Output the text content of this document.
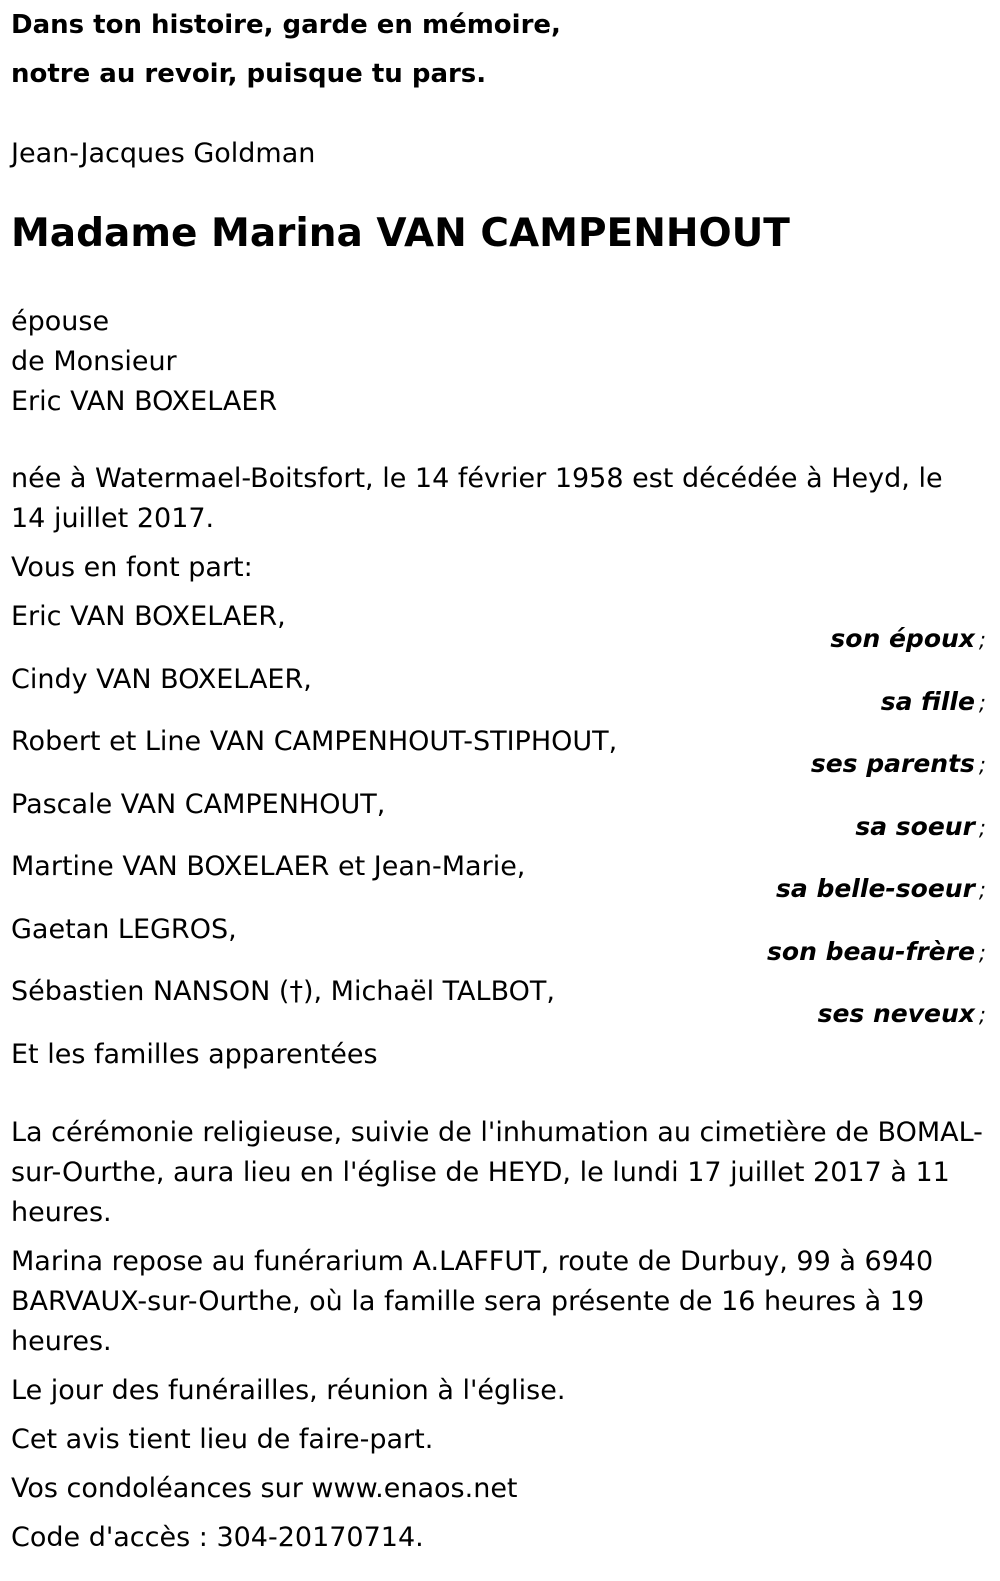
Dans ton histoire, garde en mémoire,
notre au revoir, puisque tu pars.
Jean-Jacques Goldman
Madame Marina VAN CAMPENHOUT
épouse
de Monsieur
Eric VAN BOXELAER
née à Watermael-Boitsfort, le 14 février 1958 est décédée à Heyd, le 14 juillet 2017.
Vous en font part:
Eric VAN BOXELAER,
son époux ;
Cindy VAN BOXELAER,
sa fille ;
Robert et Line VAN CAMPENHOUT-STIPHOUT,
ses parents ;
Pascale VAN CAMPENHOUT,
sa soeur ;
Martine VAN BOXELAER et Jean-Marie,
sa belle-soeur ;
Gaetan LEGROS,
son beau-frère ;
Sébastien NANSON (†), Michaël TALBOT,
ses neveux ;
Et les familles apparentées

La cérémonie religieuse, suivie de l'inhumation au cimetière de BOMAL-sur-Ourthe, aura lieu en l'église de HEYD, le lundi 17 juillet 2017 à 11 heures.

Marina repose au funérarium A.LAFFUT, route de Durbuy, 99 à 6940 BARVAUX-sur-Ourthe, où la famille sera présente de 16 heures à 19 heures.

Le jour des funérailles, réunion à l'église.

Cet avis tient lieu de faire-part.

Vos condoléances sur www.enaos.net

Code d'accès : 304-20170714.
